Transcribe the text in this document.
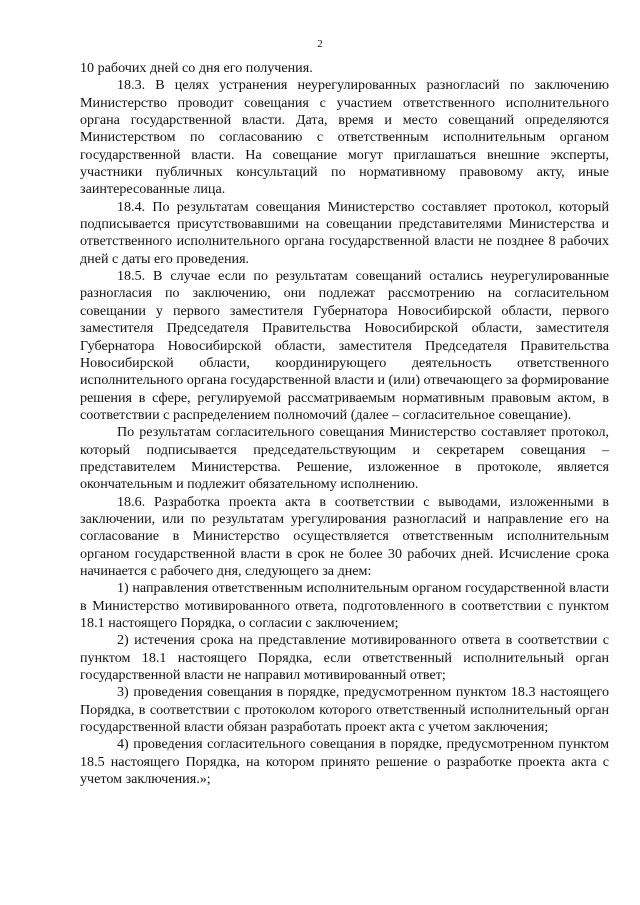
2

10 рабочих дней со дня его получения.

18.3. В целях устранения неурегулированных разногласий по заключению Министерство проводит совещания с участием ответственного исполнительного органа государственной власти. Дата, время и место совещаний определяются Министерством по согласованию с ответственным исполнительным органом государственной власти. На совещание могут приглашаться внешние эксперты, участники публичных консультаций по нормативному правовому акту, иные заинтересованные лица.

18.4. По результатам совещания Министерство составляет протокол, который подписывается присутствовавшими на совещании представителями Министерства и ответственного исполнительного органа государственной власти не позднее 8 рабочих дней с даты его проведения.

18.5. В случае если по результатам совещаний остались неурегулированные разногласия по заключению, они подлежат рассмотрению на согласительном совещании у первого заместителя Губернатора Новосибирской области, первого заместителя Председателя Правительства Новосибирской области, заместителя Губернатора Новосибирской области, заместителя Председателя Правительства Новосибирской области, координирующего деятельность ответственного исполнительного органа государственной власти и (или) отвечающего за формирование решения в сфере, регулируемой рассматриваемым нормативным правовым актом, в соответствии с распределением полномочий (далее – согласительное совещание).

По результатам согласительного совещания Министерство составляет протокол, который подписывается председательствующим и секретарем совещания – представителем Министерства. Решение, изложенное в протоколе, является окончательным и подлежит обязательному исполнению.

18.6. Разработка проекта акта в соответствии с выводами, изложенными в заключении, или по результатам урегулирования разногласий и направление его на согласование в Министерство осуществляется ответственным исполнительным органом государственной власти в срок не более 30 рабочих дней. Исчисление срока начинается с рабочего дня, следующего за днем:

1) направления ответственным исполнительным органом государственной власти в Министерство мотивированного ответа, подготовленного в соответствии с пунктом 18.1 настоящего Порядка, о согласии с заключением;

2) истечения срока на представление мотивированного ответа в соответствии с пунктом 18.1 настоящего Порядка, если ответственный исполнительный орган государственной власти не направил мотивированный ответ;

3) проведения совещания в порядке, предусмотренном пунктом 18.3 настоящего Порядка, в соответствии с протоколом которого ответственный исполнительный орган государственной власти обязан разработать проект акта с учетом заключения;

4) проведения согласительного совещания в порядке, предусмотренном пунктом 18.5 настоящего Порядка, на котором принято решение о разработке проекта акта с учетом заключения.»;
